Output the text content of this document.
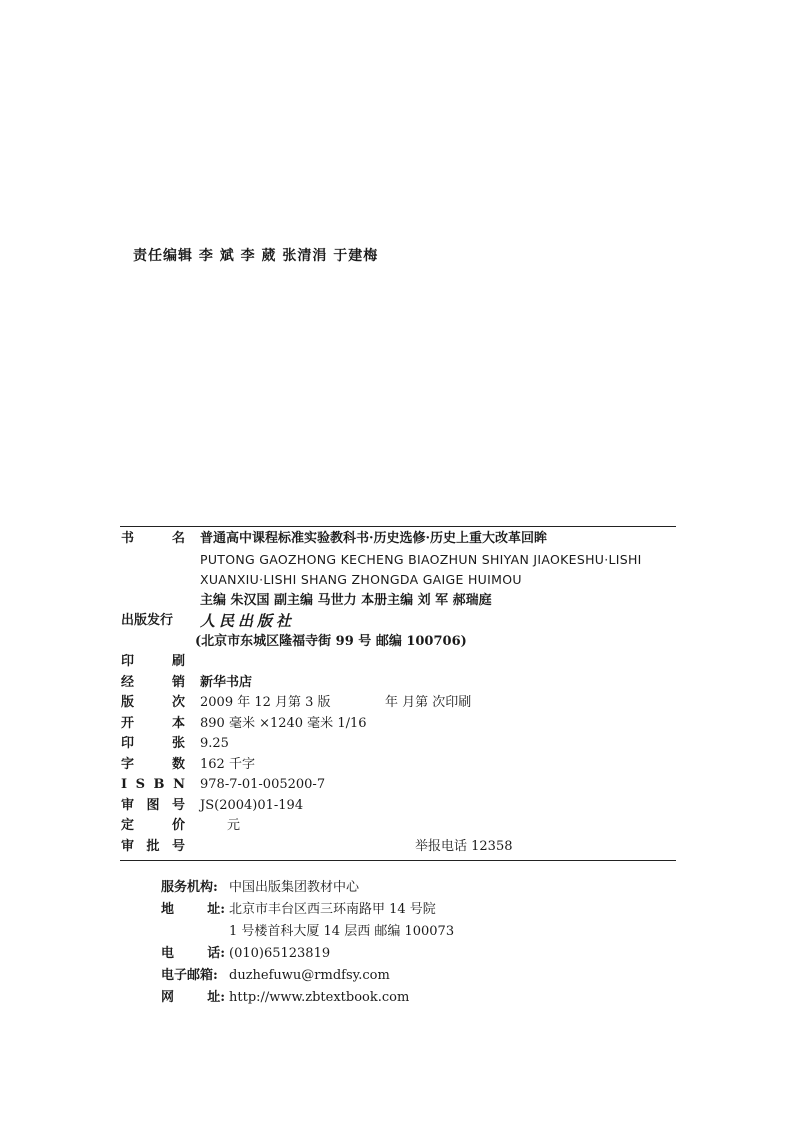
责任编辑 李 斌 李 葳 张清涓 于建梅
书	名 普通高中课程标准实验教科书·历史选修·历史上重大改革回眸
PUTONG GAOZHONG KECHENG BIAOZHUN SHIYAN JIAOKESHU·LISHI
XUANXIU·LISHI SHANG ZHONGDA GAIGE HUIMOU
主编 朱汉国 副主编 马世力 本册主编 刘 军 郝瑞庭
出版发行	人民出版社
(北京市东城区隆福寺街 99 号 邮编 100706)
印	刷
经	销 新华书店
版	次 2009 年 12 月第 3 版	年 月第 次印刷
开	本 890 毫米 ×1240 毫米 1/16
印	张 9.25
字	数 162 千字
I S B N 978-7-01-005200-7
审 图 号 JS(2004)01-194
定	价	元
审 批 号	举报电话 12358
服务机构: 中国出版集团教材中心
地	址: 北京市丰台区西三环南路甲 14 号院
1 号楼首科大厦 14 层西 邮编 100073
电	话: (010)65123819
电子邮箱: duzhefuwu@rmdfsy.com
网	址: http://www.zbtextbook.com
